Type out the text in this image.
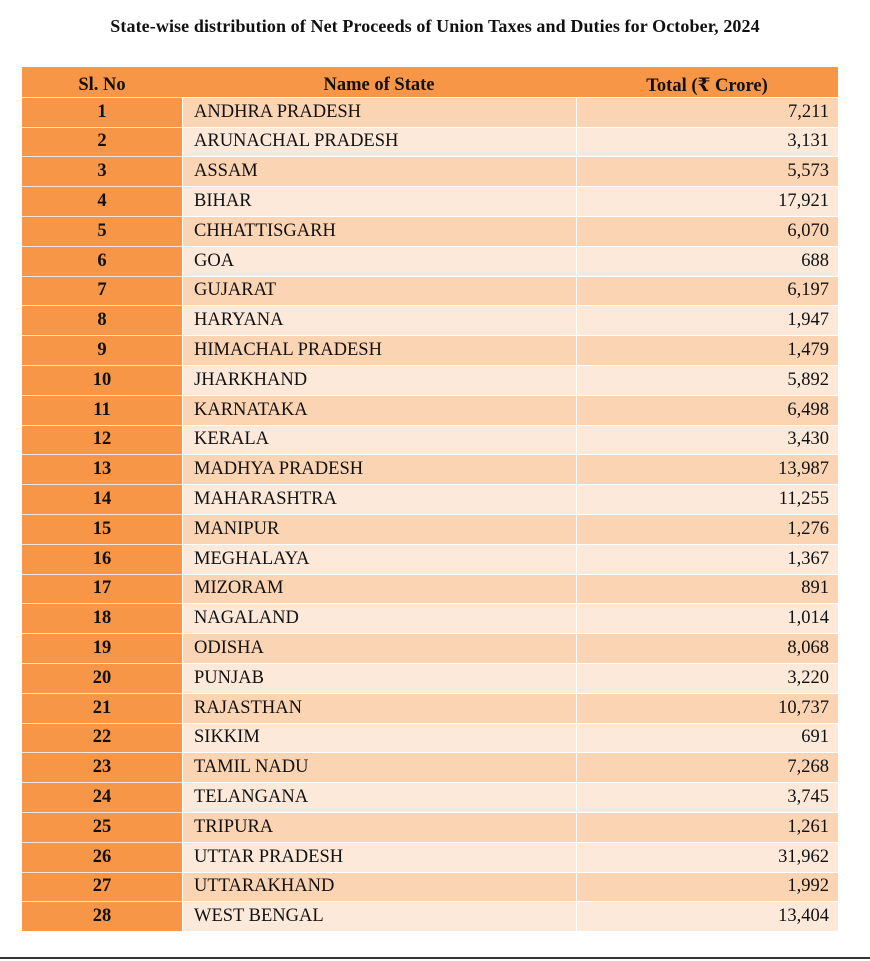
State-wise distribution of Net Proceeds of Union Taxes and Duties for October, 2024
Sl. No	Name of State	Total (₹ Crore)
1	ANDHRA PRADESH	7,211
2	ARUNACHAL PRADESH	3,131
3	ASSAM	5,573
4	BIHAR	17,921
5	CHHATTISGARH	6,070
6	GOA	688
7	GUJARAT	6,197
8	HARYANA	1,947
9	HIMACHAL PRADESH	1,479
10	JHARKHAND	5,892
11	KARNATAKA	6,498
12	KERALA	3,430
13	MADHYA PRADESH	13,987
14	MAHARASHTRA	11,255
15	MANIPUR	1,276
16	MEGHALAYA	1,367
17	MIZORAM	891
18	NAGALAND	1,014
19	ODISHA	8,068
20	PUNJAB	3,220
21	RAJASTHAN	10,737
22	SIKKIM	691
23	TAMIL NADU	7,268
24	TELANGANA	3,745
25	TRIPURA	1,261
26	UTTAR PRADESH	31,962
27	UTTARAKHAND	1,992
28	WEST BENGAL	13,404
